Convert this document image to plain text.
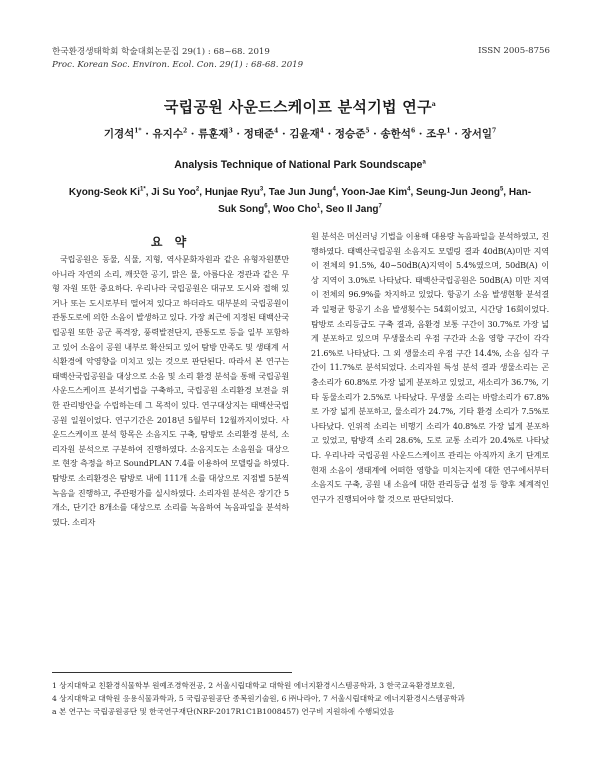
한국환경생태학회 학술대회논문집 29(1) : 68~68. 2019
Proc. Korean Soc. Environ. Ecol. Con. 29(1) : 68-68. 2019
ISSN 2005-8756
국립공원 사운드스케이프 분석기법 연구$^a$
기경석$^{1*}$ · 유지수$^2$ · 류훈재$^3$ · 정태준$^4$ · 김윤재$^4$ · 정승준$^5$ · 송한석$^6$ · 조우$^1$ · 장서일$^7$
Analysis Technique of National Park Soundscape$^a$
Kyong-Seok $Ki^{1*}$, Ji Su Yoo$^2$, Hunjae Ryu$^3$, Tae Jun Jung$^4$, Yoon-Jae Kim$^4$, Seung-Jun Jeong$^5$, Han-Suk Song$^6$, Woo Cho$^1$, Seo Il Jang$^7$
요 약
국립공원은 동물, 식물, 지형, 역사문화자원과 같은 유형자원뿐만 아니라 자연의 소리, 깨끗한 공기, 맑은 물, 아름다운 경관과 같은 무형 자원 또한 중요하다. 우리나라 국립공원은 대규모 도시와 접해 있거나 또는 도시로부터 떨어져 있다고 하더라도 대부분의 국립공원이 관통도로에 의한 소음이 발생하고 있다. 가장 최근에 지정된 태백산국립공원 또한 공군 폭격장, 풍력발전단지, 관통도로 등을 일부 포함하고 있어 소음이 공원 내부로 확산되고 있어 탐방 만족도 및 생태계 서식환경에 악영향을 미치고 있는 것으로 판단된다. 따라서 본 연구는 태백산국립공원을 대상으로 소음 및 소리 환경 분석을 통해 국립공원 사운드스케이프 분석기법을 구축하고, 국립공원 소리환경 보전을 위한 관리방안을 수립하는데 그 목적이 있다. 연구대상지는 태백산국립공원 일원이었다. 연구기간은 2018년 5월부터 12월까지이었다. 사운드스케이프 분석 항목은 소음지도 구축, 탐방로 소리환경 분석, 소리자원 분석으로 구분하여 진행하였다. 소음지도는 소음원을 대상으로 현장 측정을 하고 SoundPLAN 7.4를 이용하여 모델링을 하였다. 탐방로 소리환경은 탐방로 내에 111개 소를 대상으로 지점별 5분씩 녹음을 진행하고, 주관평가를 실시하였다. 소리자원 분석은 장기간 5개소, 단기간 8개소를 대상으로 소리를 녹음하여 녹음파일을 분석하였다. 소리자
원 분석은 머신러닝 기법을 이용해 대용량 녹음파일을 분석하였고, 진행하였다. 태백산국립공원 소음지도 모델링 결과 40dB(A)미만 지역이 전체의 91.5%, 40~50dB(A)지역이 5.4%였으며, 50dB(A) 이상 지역이 3.0%로 나타났다. 태백산국립공원은 50dB(A) 미만 지역이 전체의 96.9%를 차지하고 있었다. 항공기 소음 발생현황 분석결과 일평균 항공기 소음 발생횟수는 54회이었고, 시간당 16회이었다. 탐방로 소리등급도 구축 결과, 음환경 보통 구간이 30.7%로 가장 넓게 분포하고 있으며 무생물소리 우점 구간과 소음 영향 구간이 각각 21.6%로 나타났다. 그 외 생물소리 우점 구간 14.4%, 소음 심각 구간이 11.7%로 분석되었다. 소리자원 특성 분석 결과 생물소리는 곤충소리가 60.8%로 가장 넓게 분포하고 있었고, 새소리가 36.7%, 기타 동물소리가 2.5%로 나타났다. 무생물 소리는 바람소리가 67.8%로 가장 넓게 분포하고, 물소리가 24.7%, 기타 환경 소리가 7.5%로 나타났다. 인위적 소리는 비행기 소리가 40.8%로 가장 넓게 분포하고 있었고, 탐방객 소리 28.6%, 도로 교통 소리가 20.4%로 나타났다. 우리나라 국립공원 사운드스케이프 관리는 아직까지 초기 단계로 현재 소음이 생태계에 어떠한 영향을 미치는지에 대한 연구에서부터 소음지도 구축, 공원 내 소음에 대한 관리등급 설정 등 향후 체계적인 연구가 진행되어야 할 것으로 판단되었다.
1 상지대학교 친환경식물학부 원예조경학전공, 2 서울시립대학교 대학원 에너지환경시스템공학과, 3 한국교육환경보호원,
4 상지대학교 대학원 응용식물과학과, 5 국립공원공단 종복원기술원, 6 ㈜나라아, 7 서울시립대학교 에너지환경시스템공학과
a 본 연구는 국립공원공단 및 한국연구재단(NRF-2017R1C1B1008457) 연구비 지원하에 수행되었음
